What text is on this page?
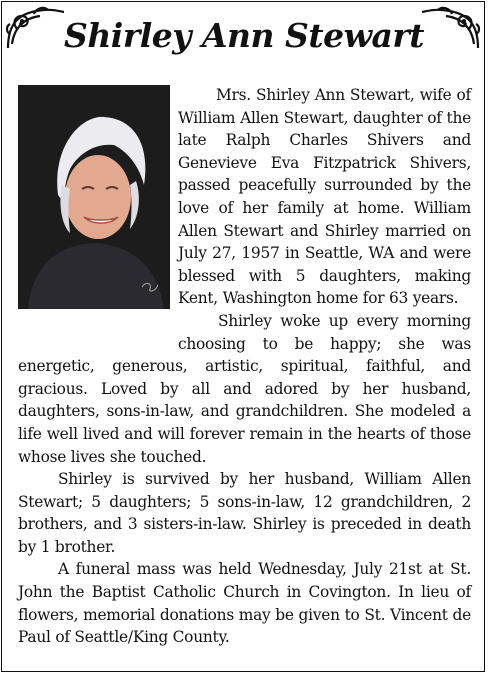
Shirley Ann Stewart

Mrs. Shirley Ann Stewart, wife of William Allen Stewart, daughter of the late Ralph Charles Shivers and Genevieve Eva Fitzpatrick Shivers, passed peacefully surrounded by the love of her family at home. William Allen Stewart and Shirley married on July 27, 1957 in Seattle, WA and were blessed with 5 daughters, making Kent, Washington home for 63 years.

Shirley woke up every morning choosing to be happy; she was energetic, generous, artistic, spiritual, faithful, and gracious. Loved by all and adored by her husband, daughters, sons-in-law, and grandchildren. She modeled a life well lived and will forever remain in the hearts of those whose lives she touched.

Shirley is survived by her husband, William Allen Stewart; 5 daughters; 5 sons-in-law, 12 grandchildren, 2 brothers, and 3 sisters-in-law. Shirley is preceded in death by 1 brother.

A funeral mass was held Wednesday, July 21st at St. John the Baptist Catholic Church in Covington. In lieu of flowers, memorial donations may be given to St. Vincent de Paul of Seattle/King County.
